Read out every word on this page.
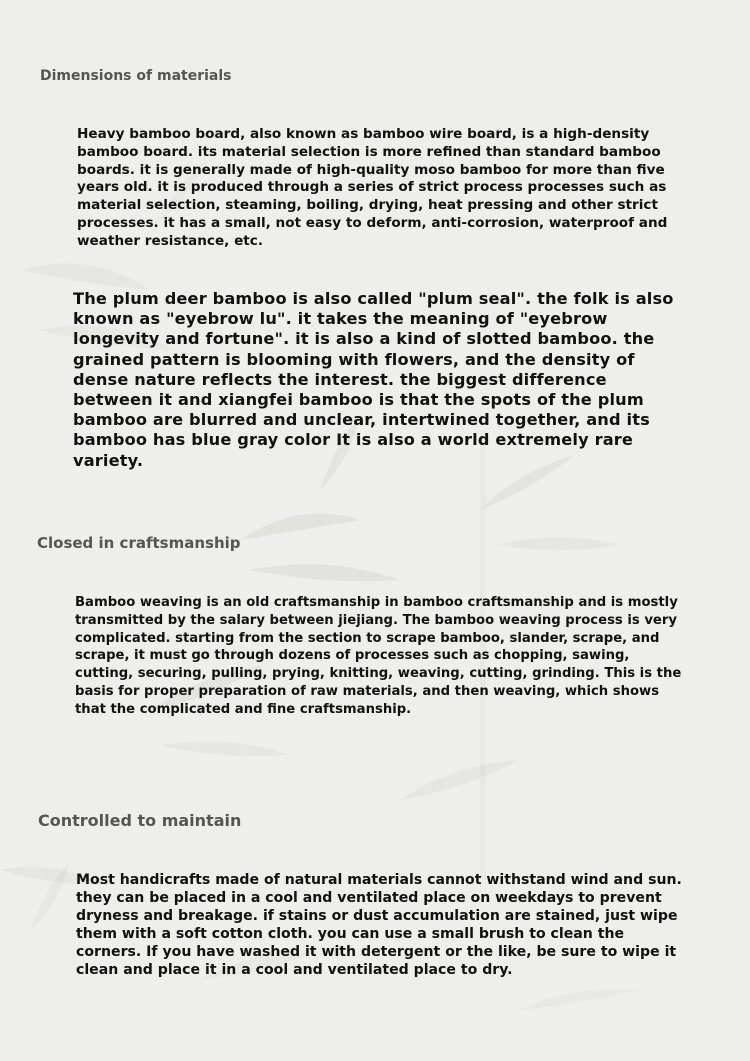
Dimensions of materials

Heavy bamboo board, also known as bamboo wire board, is a high-density bamboo board. its material selection is more refined than standard bamboo boards. it is generally made of high-quality moso bamboo for more than five years old. it is produced through a series of strict process processes such as material selection, steaming, boiling, drying, heat pressing and other strict processes. it has a small, not easy to deform, anti-corrosion, waterproof and weather resistance, etc.

The plum deer bamboo is also called "plum seal". the folk is also known as "eyebrow lu". it takes the meaning of "eyebrow longevity and fortune". it is also a kind of slotted bamboo. the grained pattern is blooming with flowers, and the density of dense nature reflects the interest. the biggest difference between it and xiangfei bamboo is that the spots of the plum bamboo are blurred and unclear, intertwined together, and its bamboo has blue gray color It is also a world extremely rare variety.

Closed in craftsmanship

Bamboo weaving is an old craftsmanship in bamboo craftsmanship and is mostly transmitted by the salary between jiejiang. The bamboo weaving process is very complicated. starting from the section to scrape bamboo, slander, scrape, and scrape, it must go through dozens of processes such as chopping, sawing, cutting, securing, pulling, prying, knitting, weaving, cutting, grinding. This is the basis for proper preparation of raw materials, and then weaving, which shows that the complicated and fine craftsmanship.

Controlled to maintain

Most handicrafts made of natural materials cannot withstand wind and sun. they can be placed in a cool and ventilated place on weekdays to prevent dryness and breakage. if stains or dust accumulation are stained, just wipe them with a soft cotton cloth. you can use a small brush to clean the corners. If you have washed it with detergent or the like, be sure to wipe it clean and place it in a cool and ventilated place to dry.
